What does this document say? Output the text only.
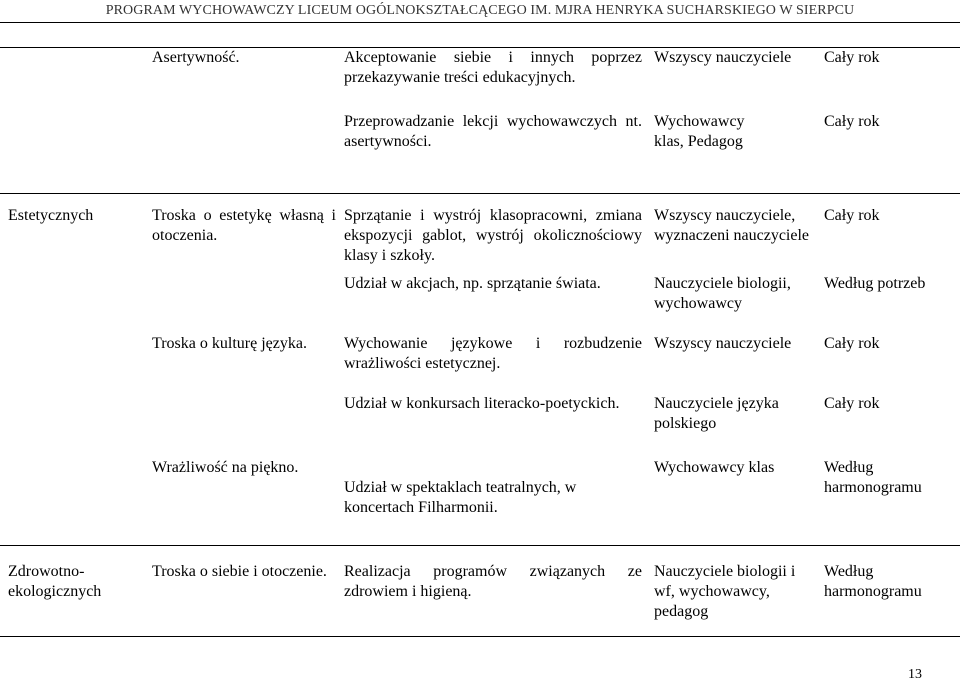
PROGRAM WYCHOWAWCZY LICEUM OGÓLNOKSZTAŁCĄCEGO IM. MJRA HENRYKA SUCHARSKIEGO W SIERPCU
	Asertywność.	Akceptowanie siebie i innych poprzez przekazywanie treści edukacyjnych.	Wszyscy nauczyciele	Cały rok
		Przeprowadzanie lekcji wychowawczych nt. asertywności.	Wychowawcy klas, Pedagog	Cały rok
Estetycznych	Troska o estetykę własną i otoczenia.	Sprzątanie i wystrój klasopracowni, zmiana ekspozycji gablot, wystrój okolicznościowy klasy i szkoły.	Wszyscy nauczyciele, wyznaczeni nauczyciele	Cały rok
		Udział w akcjach, np. sprzątanie świata.	Nauczyciele biologii, wychowawcy	Według potrzeb
	Troska o kulturę języka.	Wychowanie językowe i rozbudzenie wrażliwości estetycznej.	Wszyscy nauczyciele	Cały rok
		Udział w konkursach literacko-poetyckich.	Nauczyciele języka polskiego	Cały rok
	Wrażliwość na piękno.	Udział w spektaklach teatralnych, w koncertach Filharmonii.	Wychowawcy klas	Według harmonogramu
Zdrowotno-ekologicznych	Troska o siebie i otoczenie.	Realizacja programów związanych ze zdrowiem i higieną.	Nauczyciele biologii i wf, wychowawcy, pedagog	Według harmonogramu
13
